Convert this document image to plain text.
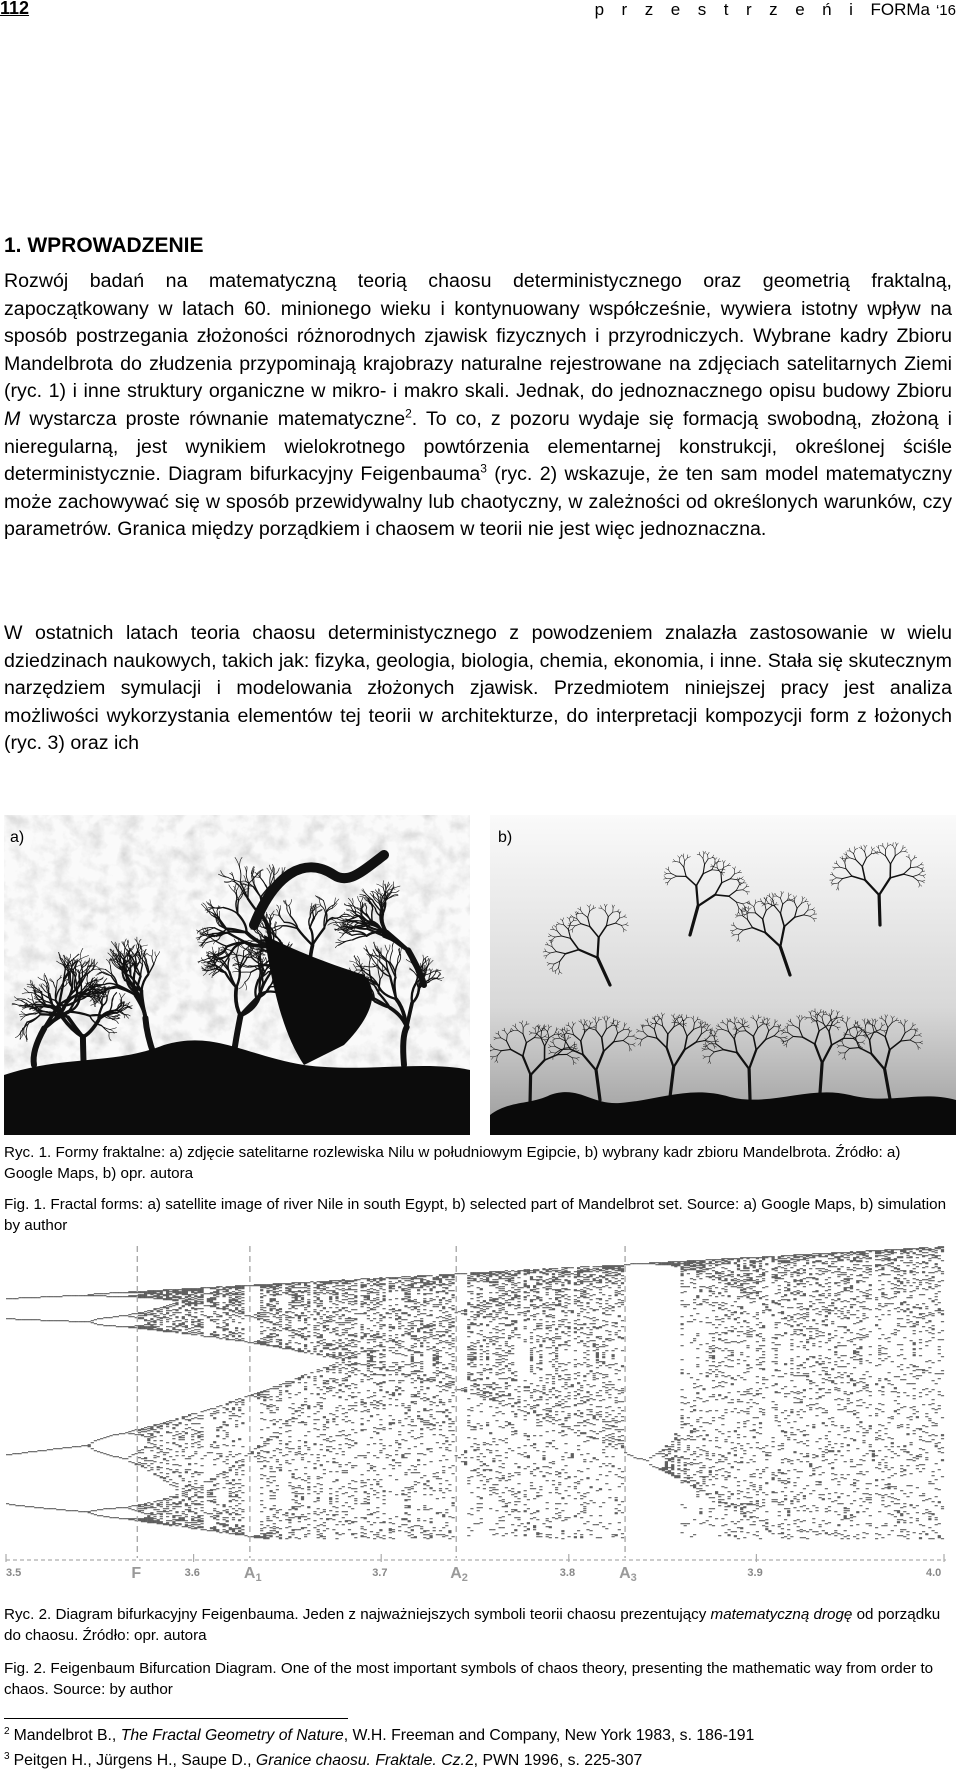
112	p r z e s t r z e ń i FORMa ‘16
1. WPROWADZENIE

Rozwój badań na matematyczną teorią chaosu deterministycznego oraz geometrią fraktalną, zapoczątkowany w latach 60. minionego wieku i kontynuowany współcześnie, wywiera istotny wpływ na sposób postrzegania złożoności różnorodnych zjawisk fizycznych i przyrodniczych. Wybrane kadry Zbioru Mandelbrota do złudzenia przypominają krajobrazy naturalne rejestrowane na zdjęciach satelitarnych Ziemi (ryc. 1) i inne struktury organiczne w mikro- i makro skali. Jednak, do jednoznacznego opisu budowy Zbioru M wystarcza proste równanie matematyczne$^2$. To co, z pozoru wydaje się formacją swobodną, złożoną i nieregularną, jest wynikiem wielokrotnego powtórzenia elementarnej konstrukcji, określonej ściśle deterministycznie. Diagram bifurkacyjny Feigenbauma$^3$ (ryc. 2) wskazuje, że ten sam model matematyczny może zachowywać się w sposób przewidywalny lub chaotyczny, w zależności od określonych warunków, czy parametrów. Granica między porządkiem i chaosem w teorii nie jest więc jednoznaczna.

W ostatnich latach teoria chaosu deterministycznego z powodzeniem znalazła zastosowanie w wielu dziedzinach naukowych, takich jak: fizyka, geologia, biologia, chemia, ekonomia, i inne. Stała się skutecznym narzędziem symulacji i modelowania złożonych zjawisk. Przedmiotem niniejszej pracy jest analiza możliwości wykorzystania elementów tej teorii w architekturze, do interpretacji kompozycji form z łożonych (ryc. 3) oraz ich

a)	b)

Ryc. 1. Formy fraktalne: a) zdjęcie satelitarne rozlewiska Nilu w południowym Egipcie, b) wybrany kadr zbioru Mandelbrota. Źródło: a) Google Maps, b) opr. autora

Fig. 1. Fractal forms: a) satellite image of river Nile in south Egypt, b) selected part of Mandelbrot set. Source: a) Google Maps, b) simulation by author

3.5	3.6	3.7	3.8	3.9	4.0
F	A1	A2	A3

Ryc. 2. Diagram bifurkacyjny Feigenbauma. Jeden z najważniejszych symboli teorii chaosu prezentujący matematyczną drogę od porządku do chaosu. Źródło: opr. autora

Fig. 2. Feigenbaum Bifurcation Diagram. One of the most important symbols of chaos theory, presenting the mathematic way from order to chaos. Source: by author

$^2$ Mandelbrot B., The Fractal Geometry of Nature, W.H. Freeman and Company, New York 1983, s. 186-191

$^3$ Peitgen H., Jürgens H., Saupe D., Granice chaosu. Fraktale. Cz.2, PWN 1996, s. 225-307
